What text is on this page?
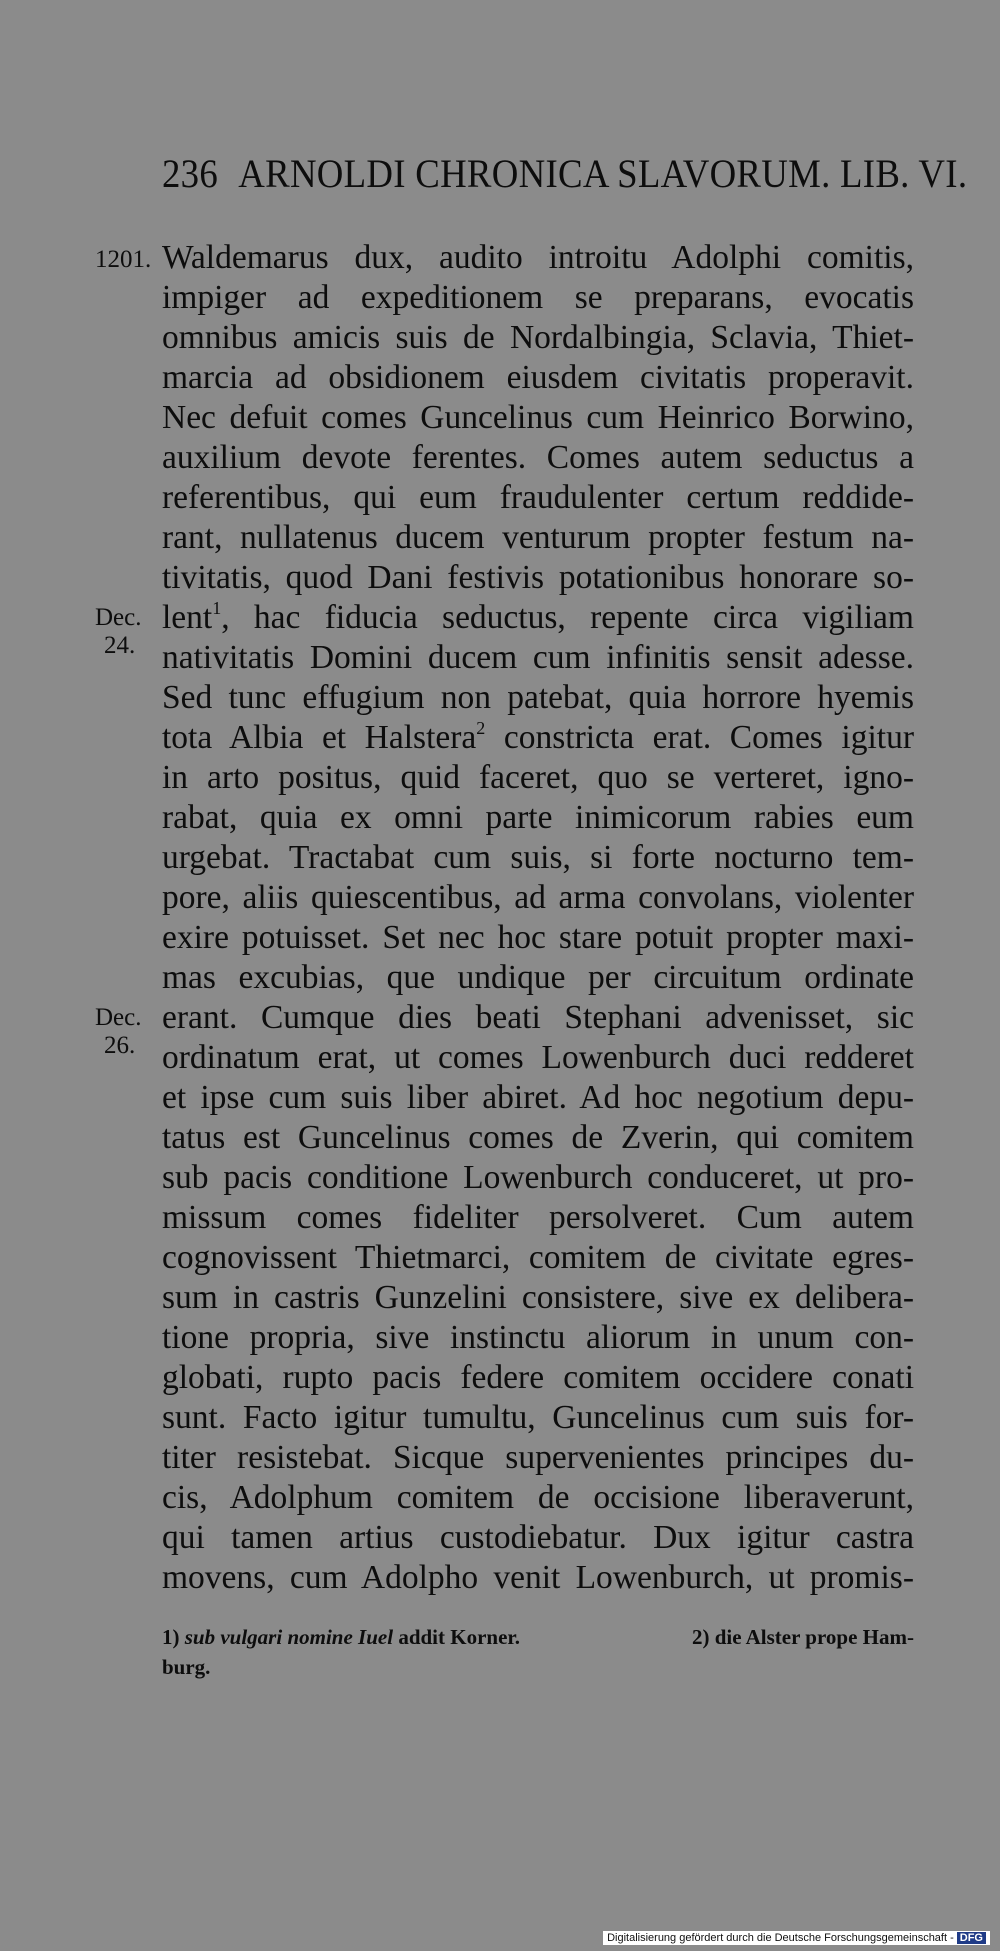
236 ARNOLDI CHRONICA SLAVORUM. LIB. VI.
1201.
Dec.
24.
Dec.
26.
Waldemarus dux, audito introitu Adolphi comitis,
impiger ad expeditionem se preparans, evocatis
omnibus amicis suis de Nordalbingia, Sclavia, Thiet-
marcia ad obsidionem eiusdem civitatis properavit.
Nec defuit comes Guncelinus cum Heinrico Borwino,
auxilium devote ferentes. Comes autem seductus a
referentibus, qui eum fraudulenter certum reddide-
rant, nullatenus ducem venturum propter festum na-
tivitatis, quod Dani festivis potationibus honorare so-
lent$^1$, hac fiducia seductus, repente circa vigiliam
nativitatis Domini ducem cum infinitis sensit adesse.
Sed tunc effugium non patebat, quia horrore hyemis
tota Albia et Halstera$^2$ constricta erat. Comes igitur
in arto positus, quid faceret, quo se verteret, igno-
rabat, quia ex omni parte inimicorum rabies eum
urgebat. Tractabat cum suis, si forte nocturno tem-
pore, aliis quiescentibus, ad arma convolans, violenter
exire potuisset. Set nec hoc stare potuit propter maxi-
mas excubias, que undique per circuitum ordinate
erant. Cumque dies beati Stephani advenisset, sic
ordinatum erat, ut comes Lowenburch duci redderet
et ipse cum suis liber abiret. Ad hoc negotium depu-
tatus est Guncelinus comes de Zverin, qui comitem
sub pacis conditione Lowenburch conduceret, ut pro-
missum comes fideliter persolveret. Cum autem
cognovissent Thietmarci, comitem de civitate egres-
sum in castris Gunzelini consistere, sive ex delibera-
tione propria, sive instinctu aliorum in unum con-
globati, rupto pacis federe comitem occidere conati
sunt. Facto igitur tumultu, Guncelinus cum suis for-
titer resistebat. Sicque supervenientes principes du-
cis, Adolphum comitem de occisione liberaverunt,
qui tamen artius custodiebatur. Dux igitur castra
movens, cum Adolpho venit Lowenburch, ut promis-
2) die Alster prope Ham-
1) sub vulgari nomine Iuel addit Korner.
burg.
Digitalisierung gefördert durch die Deutsche Forschungsgemeinschaft - DFG
